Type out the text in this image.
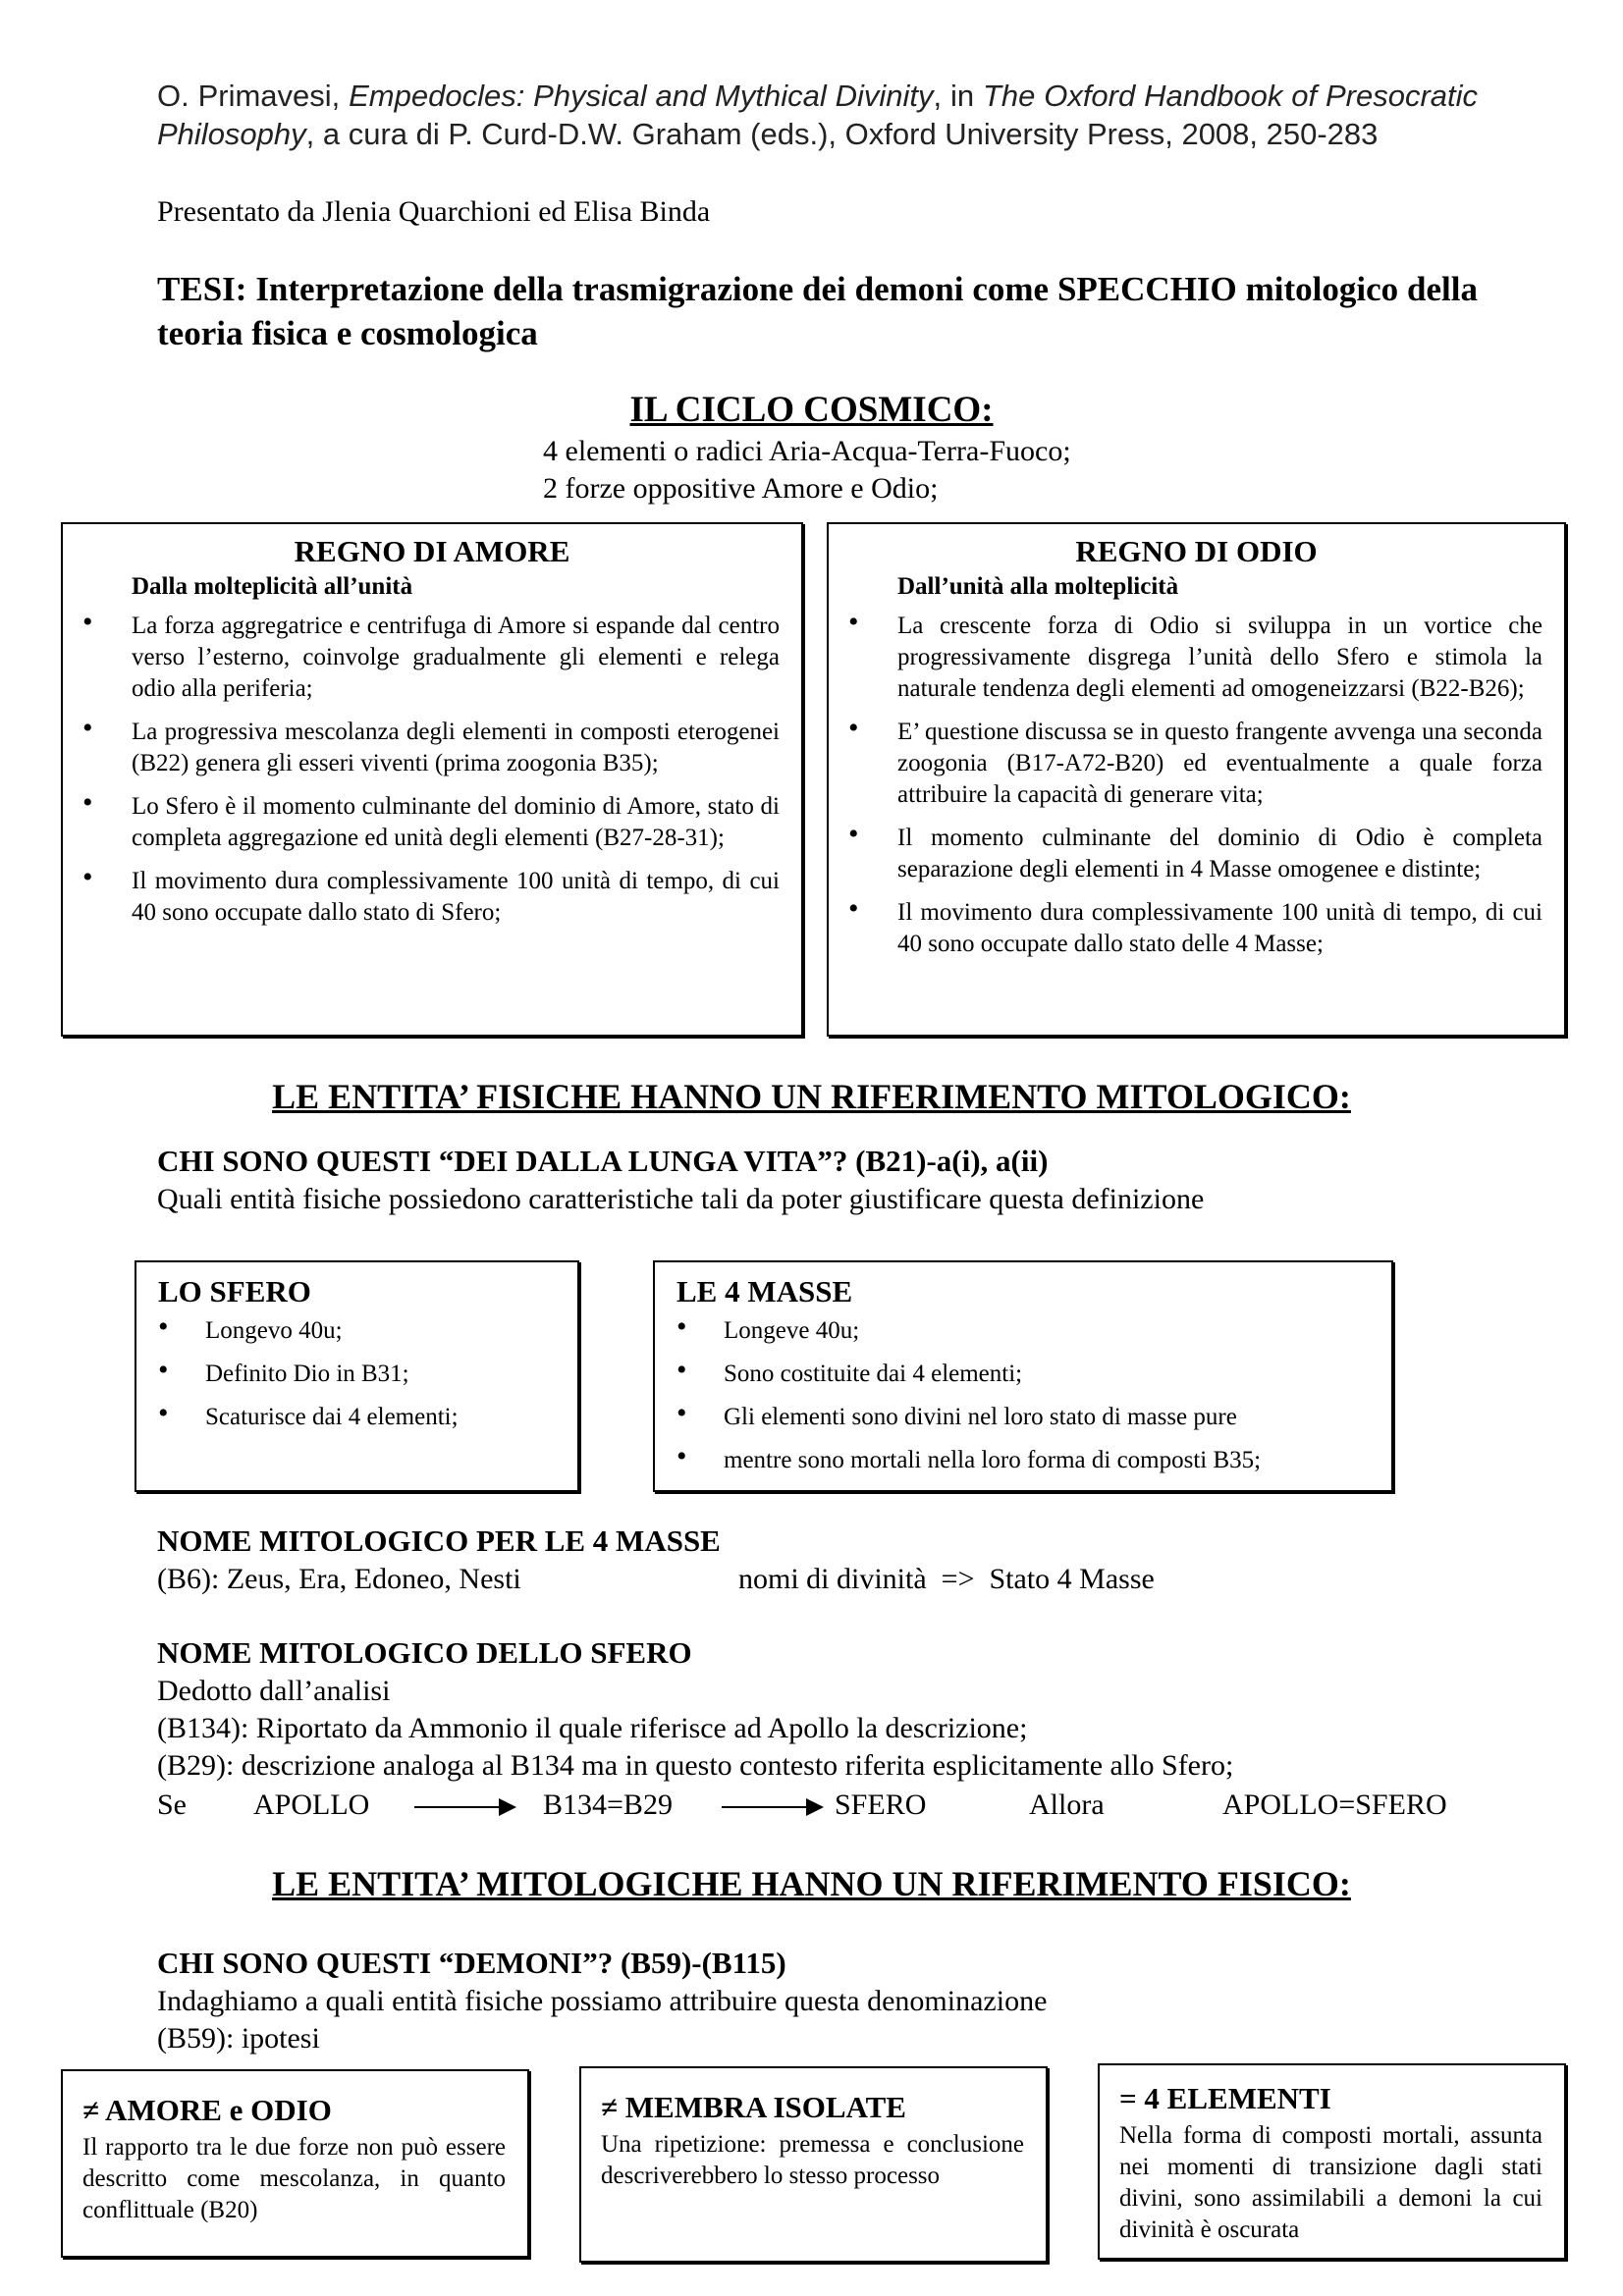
O. Primavesi, Empedocles: Physical and Mythical Divinity, in The Oxford Handbook of Presocratic Philosophy, a cura di P. Curd-D.W. Graham (eds.), Oxford University Press, 2008, 250-283
Presentato da Jlenia Quarchioni ed Elisa Binda
TESI: Interpretazione della trasmigrazione dei demoni come SPECCHIO mitologico della teoria fisica e cosmologica
IL CICLO COSMICO:
4 elementi o radici Aria-Acqua-Terra-Fuoco;
2 forze oppositive Amore e Odio;
REGNO DI AMORE
Dalla molteplicità all’unità
• La forza aggregatrice e centrifuga di Amore si espande dal centro verso l’esterno, coinvolge gradualmente gli elementi e relega odio alla periferia;
• La progressiva mescolanza degli elementi in composti eterogenei (B22) genera gli esseri viventi (prima zoogonia B35);
• Lo Sfero è il momento culminante del dominio di Amore, stato di completa aggregazione ed unità degli elementi (B27-28-31);
• Il movimento dura complessivamente 100 unità di tempo, di cui 40 sono occupate dallo stato di Sfero;
REGNO DI ODIO
Dall’unità alla molteplicità
• La crescente forza di Odio si sviluppa in un vortice che progressivamente disgrega l’unità dello Sfero e stimola la naturale tendenza degli elementi ad omogeneizzarsi (B22-B26);
• E’ questione discussa se in questo frangente avvenga una seconda zoogonia (B17-A72-B20) ed eventualmente a quale forza attribuire la capacità di generare vita;
• Il momento culminante del dominio di Odio è completa separazione degli elementi in 4 Masse omogenee e distinte;
• Il movimento dura complessivamente 100 unità di tempo, di cui 40 sono occupate dallo stato delle 4 Masse;
LE ENTITA’ FISICHE HANNO UN RIFERIMENTO MITOLOGICO:
CHI SONO QUESTI “DEI DALLA LUNGA VITA”? (B21)-a(i), a(ii)
Quali entità fisiche possiedono caratteristiche tali da poter giustificare questa definizione
LO SFERO
• Longevo 40u;
• Definito Dio in B31;
• Scaturisce dai 4 elementi;
LE 4 MASSE
• Longeve 40u;
• Sono costituite dai 4 elementi;
• Gli elementi sono divini nel loro stato di masse pure
• mentre sono mortali nella loro forma di composti B35;
NOME MITOLOGICO PER LE 4 MASSE
(B6): Zeus, Era, Edoneo, Nesti	nomi di divinità  =>  Stato 4 Masse
NOME MITOLOGICO DELLO SFERO
Dedotto dall’analisi
(B134): Riportato da Ammonio il quale riferisce ad Apollo la descrizione;
(B29): descrizione analoga al B134 ma in questo contesto riferita esplicitamente allo Sfero;
Se APOLLO	B134=B29	SFERO	Allora	APOLLO=SFERO
LE ENTITA’ MITOLOGICHE HANNO UN RIFERIMENTO FISICO:
CHI SONO QUESTI “DEMONI”? (B59)-(B115)
Indaghiamo a quali entità fisiche possiamo attribuire questa denominazione
(B59): ipotesi
≠ AMORE e ODIO
Il rapporto tra le due forze non può essere descritto come mescolanza, in quanto conflittuale (B20)
≠ MEMBRA ISOLATE
Una ripetizione: premessa e conclusione descriverebbero lo stesso processo
= 4 ELEMENTI
Nella forma di composti mortali, assunta nei momenti di transizione dagli stati divini, sono assimilabili a demoni la cui divinità è oscurata
